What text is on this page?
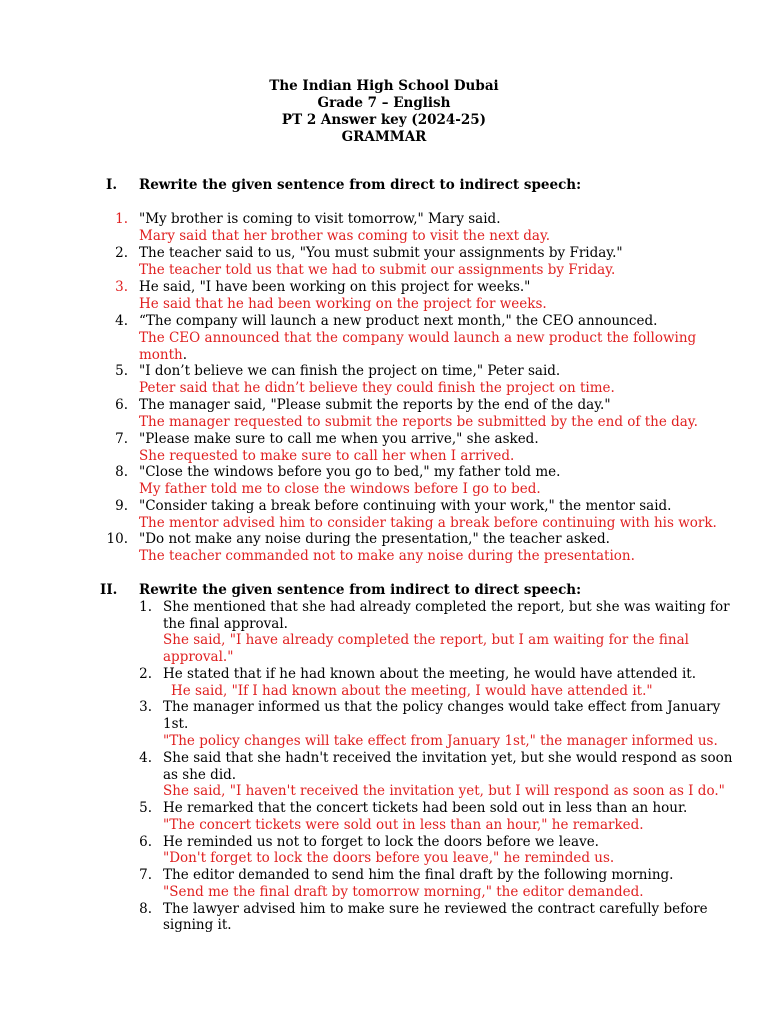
The Indian High School Dubai
Grade 7 – English
PT 2 Answer key (2024-25)
GRAMMAR
I. Rewrite the given sentence from direct to indirect speech:
1. "My brother is coming to visit tomorrow," Mary said.
Mary said that her brother was coming to visit the next day.
2. The teacher said to us, "You must submit your assignments by Friday."
The teacher told us that we had to submit our assignments by Friday.
3. He said, "I have been working on this project for weeks."
He said that he had been working on the project for weeks.
4. “The company will launch a new product next month," the CEO announced.
The CEO announced that the company would launch a new product the following
month.
5. "I don’t believe we can finish the project on time," Peter said.
Peter said that he didn’t believe they could finish the project on time.
6. The manager said, "Please submit the reports by the end of the day."
The manager requested to submit the reports be submitted by the end of the day.
7. "Please make sure to call me when you arrive," she asked.
She requested to make sure to call her when I arrived.
8. "Close the windows before you go to bed," my father told me.
My father told me to close the windows before I go to bed.
9. "Consider taking a break before continuing with your work," the mentor said.
The mentor advised him to consider taking a break before continuing with his work.
10. "Do not make any noise during the presentation," the teacher asked.
The teacher commanded not to make any noise during the presentation.
II. Rewrite the given sentence from indirect to direct speech:
1. She mentioned that she had already completed the report, but she was waiting for
the final approval.
She said, "I have already completed the report, but I am waiting for the final
approval."
2. He stated that if he had known about the meeting, he would have attended it.
He said, "If I had known about the meeting, I would have attended it."
3. The manager informed us that the policy changes would take effect from January
1st.
"The policy changes will take effect from January 1st," the manager informed us.
4. She said that she hadn't received the invitation yet, but she would respond as soon
as she did.
She said, "I haven't received the invitation yet, but I will respond as soon as I do."
5. He remarked that the concert tickets had been sold out in less than an hour.
"The concert tickets were sold out in less than an hour," he remarked.
6. He reminded us not to forget to lock the doors before we leave.
"Don't forget to lock the doors before you leave," he reminded us.
7. The editor demanded to send him the final draft by the following morning.
"Send me the final draft by tomorrow morning," the editor demanded.
8. The lawyer advised him to make sure he reviewed the contract carefully before
signing it.
